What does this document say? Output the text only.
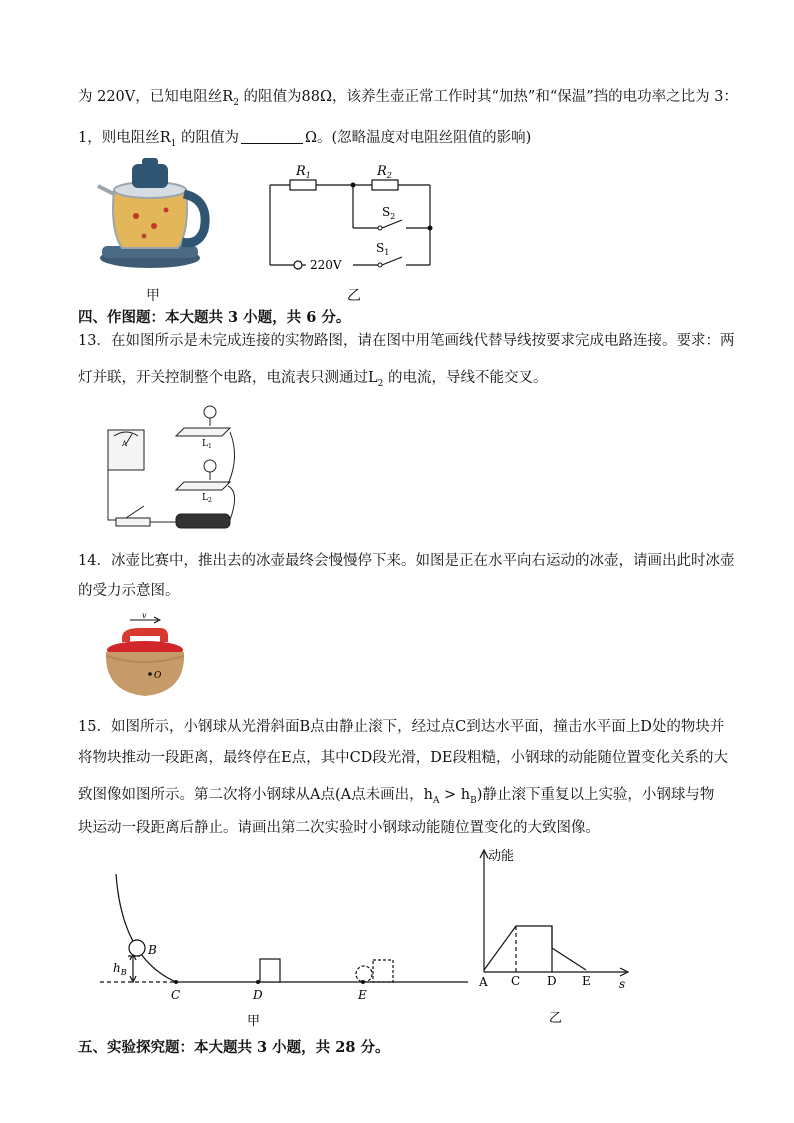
为 220V，已知电阻丝$R_2$ 的阻值为88Ω，该养生壶正常工作时其“加热”和“保温”挡的电功率之比为 3：
1，则电阻丝$R_1$ 的阻值为	Ω。(忽略温度对电阻丝阻值的影响)
$R_1$	$R_2$
$S_2$
$S_1$
220V
甲	乙
四、作图题：本大题共 3 小题，共 6 分。
13．在如图所示是未完成连接的实物路图，请在图中用笔画线代替导线按要求完成电路连接。要求：两
灯并联，开关控制整个电路，电流表只测通过$L_2$ 的电流，导线不能交叉。
A	$L_1$
$L_2$
14．冰壶比赛中，推出去的冰壶最终会慢慢停下来。如图是正在水平向右运动的冰壶，请画出此时冰壶
的受力示意图。
v
O
15．如图所示，小钢球从光滑斜面B点由静止滚下，经过点C到达水平面，撞击水平面上D处的物块并
将物块推动一段距离，最终停在E点，其中CD段光滑，DE段粗糙，小钢球的动能随位置变化关系的大
致图像如图所示。第二次将小钢球从A点(A点未画出，$h_A > h_B$)静止滚下重复以上实验，小钢球与物
块运动一段距离后静止。请画出第二次实验时小钢球动能随位置变化的大致图像。
$h_B$
B
C	D	E
甲
动能
s
A C D E
乙
五、实验探究题：本大题共 3 小题，共 28 分。
